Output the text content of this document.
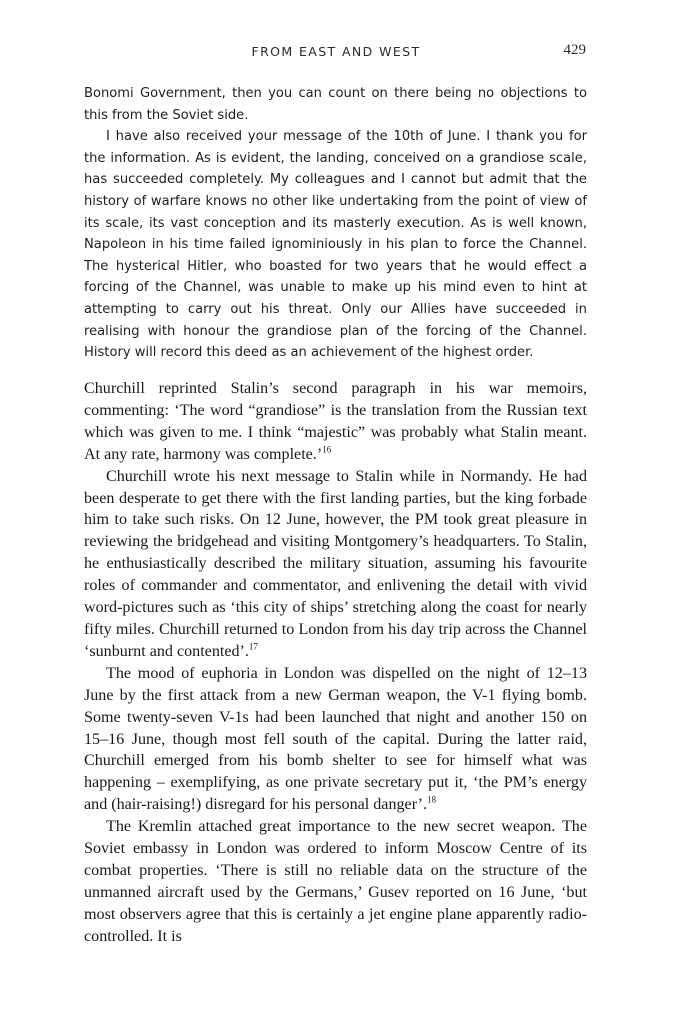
FROM EAST AND WEST	429

Bonomi Government, then you can count on there being no objections to this from the Soviet side.

I have also received your message of the 10th of June. I thank you for the information. As is evident, the landing, conceived on a grandiose scale, has succeeded completely. My colleagues and I cannot but admit that the history of warfare knows no other like undertaking from the point of view of its scale, its vast conception and its masterly execution. As is well known, Napoleon in his time failed ignominiously in his plan to force the Channel. The hysterical Hitler, who boasted for two years that he would effect a forcing of the Channel, was unable to make up his mind even to hint at attempting to carry out his threat. Only our Allies have succeeded in realising with honour the grandiose plan of the forcing of the Channel. History will record this deed as an achievement of the highest order.

Churchill reprinted Stalin’s second paragraph in his war memoirs, commenting: ‘The word “grandiose” is the translation from the Russian text which was given to me. I think “majestic” was probably what Stalin meant. At any rate, harmony was complete.’$^{16}$

Churchill wrote his next message to Stalin while in Normandy. He had been desperate to get there with the first landing parties, but the king forbade him to take such risks. On 12 June, however, the PM took great pleasure in reviewing the bridgehead and visiting Montgomery’s headquarters. To Stalin, he enthusiastically described the military situation, assuming his favourite roles of commander and commentator, and enlivening the detail with vivid word-pictures such as ‘this city of ships’ stretching along the coast for nearly fifty miles. Churchill returned to London from his day trip across the Channel ‘sunburnt and contented’.$^{17}$

The mood of euphoria in London was dispelled on the night of 12–13 June by the first attack from a new German weapon, the V-1 flying bomb. Some twenty-seven V-1s had been launched that night and another 150 on 15–16 June, though most fell south of the capital. During the latter raid, Churchill emerged from his bomb shelter to see for himself what was happening – exemplifying, as one private secretary put it, ‘the PM’s energy and (hair-raising!) disregard for his personal danger’.$^{18}$

The Kremlin attached great importance to the new secret weapon. The Soviet embassy in London was ordered to inform Moscow Centre of its combat properties. ‘There is still no reliable data on the structure of the unmanned aircraft used by the Germans,’ Gusev reported on 16 June, ‘but most observers agree that this is certainly a jet engine plane apparently radio-controlled. It is
